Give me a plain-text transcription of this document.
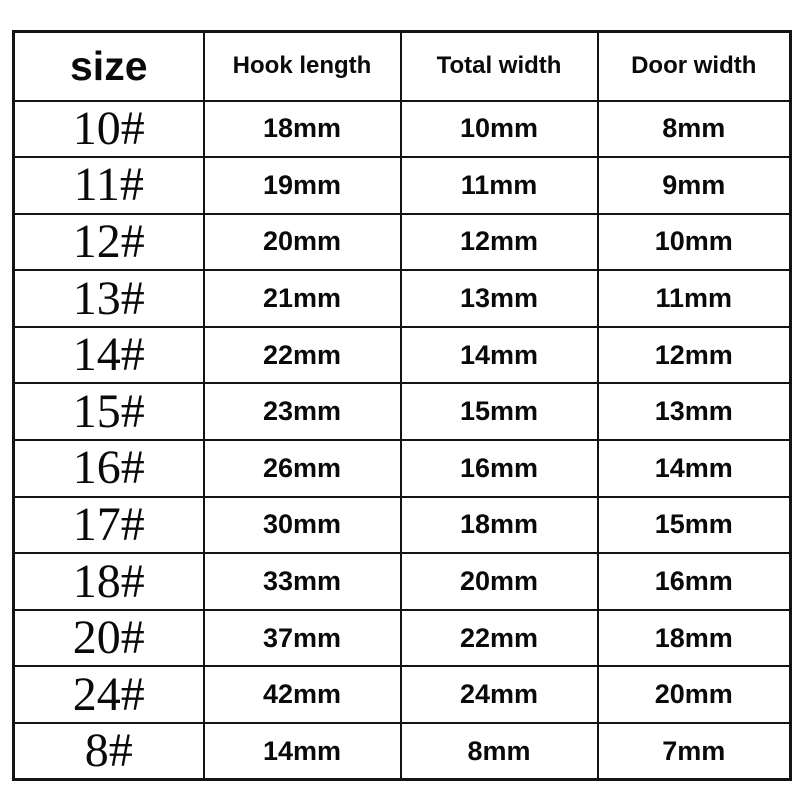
size	Hook length	Total width	Door width
10#	18mm	10mm	8mm
11#	19mm	11mm	9mm
12#	20mm	12mm	10mm
13#	21mm	13mm	11mm
14#	22mm	14mm	12mm
15#	23mm	15mm	13mm
16#	26mm	16mm	14mm
17#	30mm	18mm	15mm
18#	33mm	20mm	16mm
20#	37mm	22mm	18mm
24#	42mm	24mm	20mm
8#	14mm	8mm	7mm
